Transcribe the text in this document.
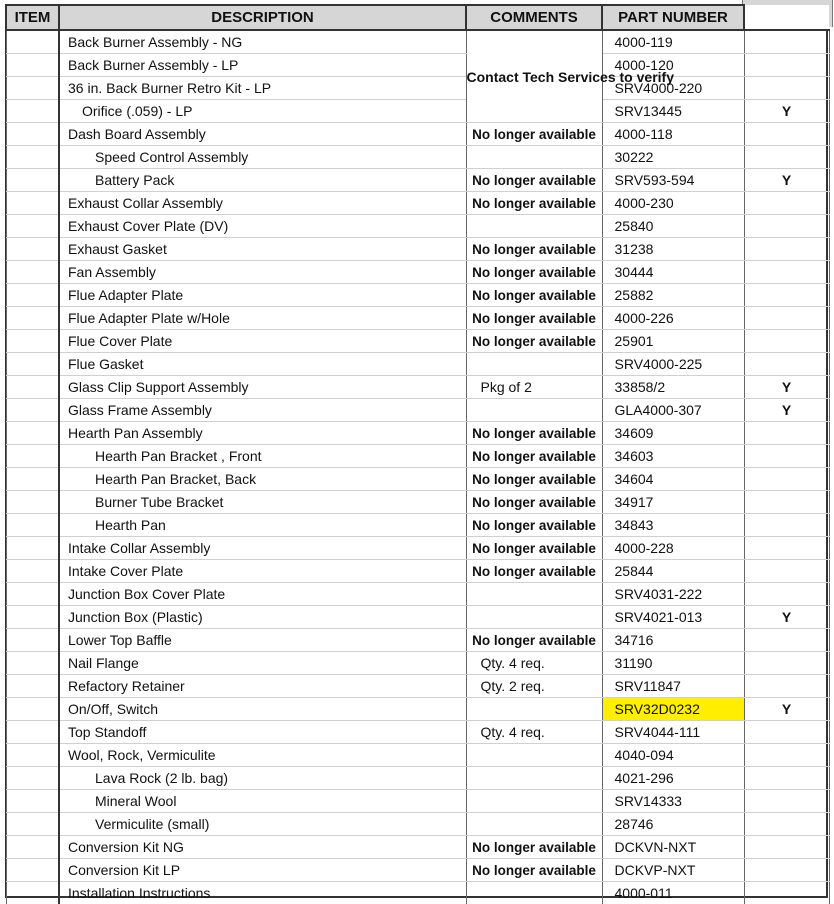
ITEM	DESCRIPTION	COMMENTS	PART NUMBER	
	Back Burner Assembly - NG	Contact Tech Services to verify	4000-119	
	Back Burner Assembly - LP		4000-120	
	36 in. Back Burner Retro Kit - LP		SRV4000-220	
	Orifice (.059) - LP		SRV13445	Y
	Dash Board Assembly	No longer available	4000-118	
	Speed Control Assembly		30222	
	Battery Pack	No longer available	SRV593-594	Y
	Exhaust Collar Assembly	No longer available	4000-230	
	Exhaust Cover Plate (DV)		25840	
	Exhaust Gasket	No longer available	31238	
	Fan Assembly	No longer available	30444	
	Flue Adapter Plate	No longer available	25882	
	Flue Adapter Plate w/Hole	No longer available	4000-226	
	Flue Cover Plate	No longer available	25901	
	Flue Gasket		SRV4000-225	
	Glass Clip Support Assembly	Pkg of 2	33858/2	Y
	Glass Frame Assembly		GLA4000-307	Y
	Hearth Pan Assembly	No longer available	34609	
	Hearth Pan Bracket , Front	No longer available	34603	
	Hearth Pan Bracket, Back	No longer available	34604	
	Burner Tube Bracket	No longer available	34917	
	Hearth Pan	No longer available	34843	
	Intake Collar Assembly	No longer available	4000-228	
	Intake Cover Plate	No longer available	25844	
	Junction Box Cover Plate		SRV4031-222	
	Junction Box (Plastic)		SRV4021-013	Y
	Lower Top Baffle	No longer available	34716	
	Nail Flange	Qty. 4 req.	31190	
	Refactory Retainer	Qty. 2 req.	SRV11847	
	On/Off, Switch		SRV32D0232	Y
	Top Standoff	Qty. 4 req.	SRV4044-111	
	Wool, Rock, Vermiculite		4040-094	
	Lava Rock (2 lb. bag)		4021-296	
	Mineral Wool		SRV14333	
	Vermiculite (small)		28746	
	Conversion Kit NG	No longer available	DCKVN-NXT	
	Conversion Kit LP	No longer available	DCKVP-NXT	
	Installation Instructions		4000-011	
